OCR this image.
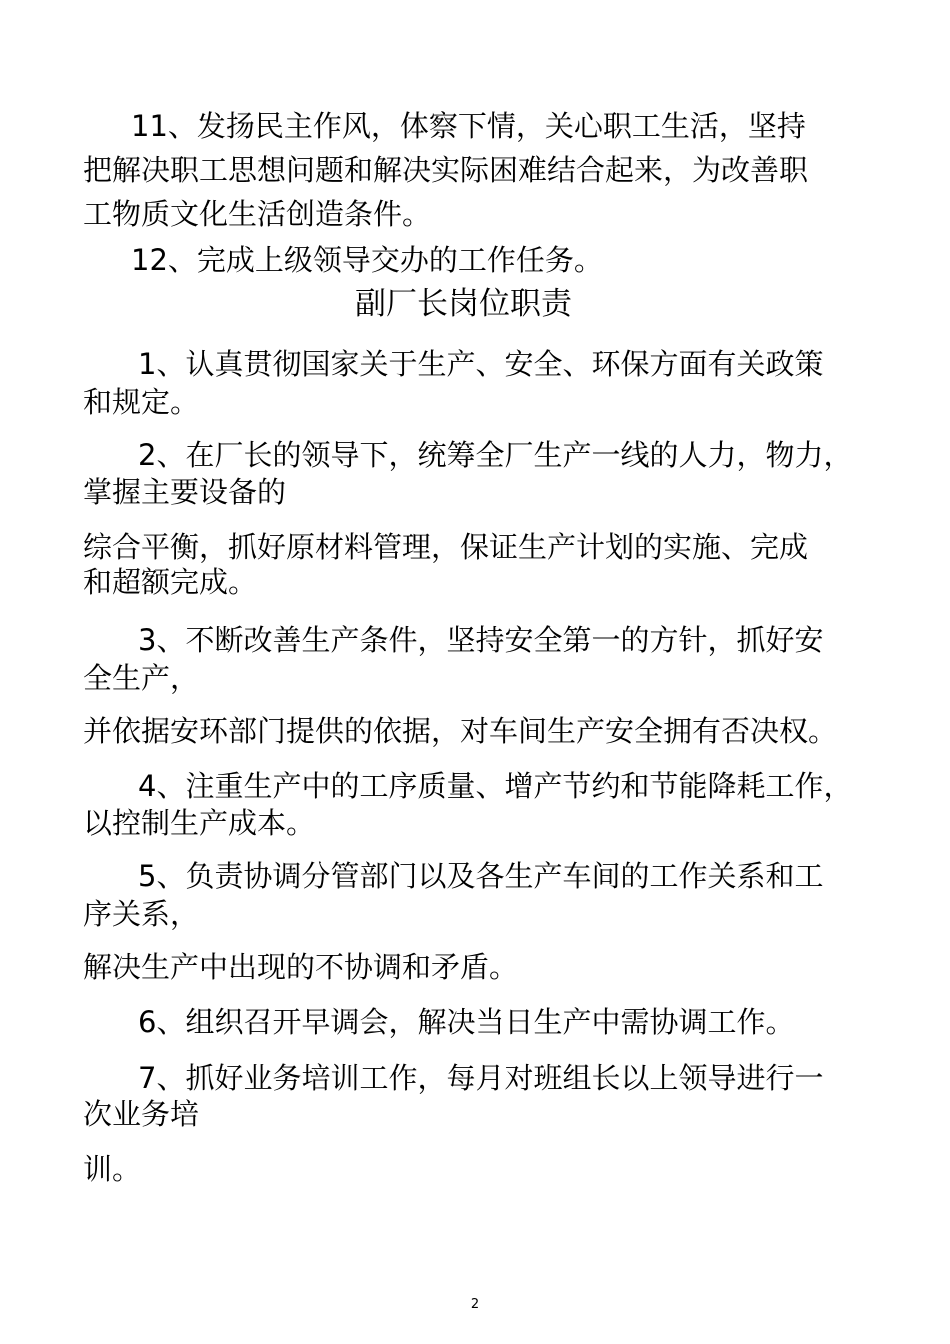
11、发扬民主作风，体察下情，关心职工生活，坚持
把解决职工思想问题和解决实际困难结合起来，为改善职
工物质文化生活创造条件。
12、完成上级领导交办的工作任务。
副厂长岗位职责
1、认真贯彻国家关于生产、安全、环保方面有关政策
和规定。
2、在厂长的领导下，统筹全厂生产一线的人力，物力，
掌握主要设备的
综合平衡，抓好原材料管理，保证生产计划的实施、完成
和超额完成。
3、不断改善生产条件，坚持安全第一的方针，抓好安
全生产，
并依据安环部门提供的依据，对车间生产安全拥有否决权。
4、注重生产中的工序质量、增产节约和节能降耗工作，
以控制生产成本。
5、负责协调分管部门以及各生产车间的工作关系和工
序关系，
解决生产中出现的不协调和矛盾。
6、组织召开早调会，解决当日生产中需协调工作。
7、抓好业务培训工作，每月对班组长以上领导进行一
次业务培
训。
2
